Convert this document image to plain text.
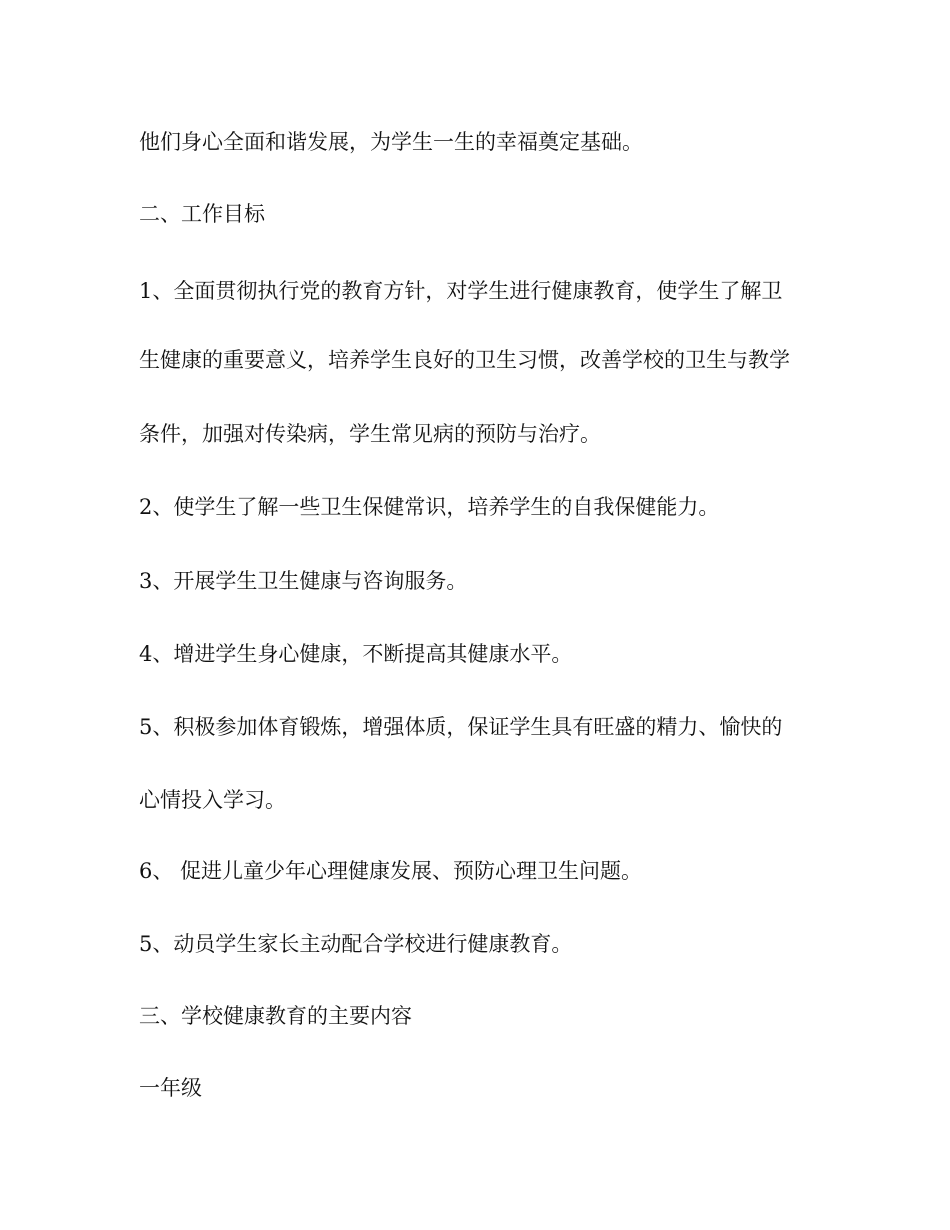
他们身心全面和谐发展，为学生一生的幸福奠定基础。
二、工作目标
1、全面贯彻执行党的教育方针，对学生进行健康教育，使学生了解卫
生健康的重要意义，培养学生良好的卫生习惯，改善学校的卫生与教学
条件，加强对传染病，学生常见病的预防与治疗。
2、使学生了解一些卫生保健常识，培养学生的自我保健能力。
3、开展学生卫生健康与咨询服务。
4、增进学生身心健康，不断提高其健康水平。
5、积极参加体育锻炼，增强体质，保证学生具有旺盛的精力、愉快的
心情投入学习。
6、 促进儿童少年心理健康发展、预防心理卫生问题。
5、动员学生家长主动配合学校进行健康教育。
三、学校健康教育的主要内容
一年级
